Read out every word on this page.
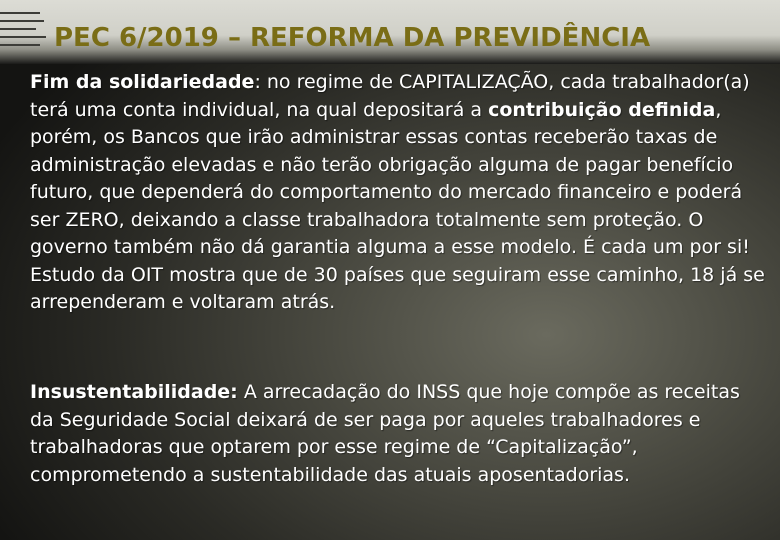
PEC 6/2019 – REFORMA DA PREVIDÊNCIA

Fim da solidariedade: no regime de CAPITALIZAÇÃO, cada trabalhador(a) terá uma conta individual, na qual depositará a contribuição definida, porém, os Bancos que irão administrar essas contas receberão taxas de administração elevadas e não terão obrigação alguma de pagar benefício futuro, que dependerá do comportamento do mercado financeiro e poderá ser ZERO, deixando a classe trabalhadora totalmente sem proteção. O governo também não dá garantia alguma a esse modelo. É cada um por si! Estudo da OIT mostra que de 30 países que seguiram esse caminho, 18 já se arrependeram e voltaram atrás.

Insustentabilidade: A arrecadação do INSS que hoje compõe as receitas da Seguridade Social deixará de ser paga por aqueles trabalhadores e trabalhadoras que optarem por esse regime de “Capitalização”, comprometendo a sustentabilidade das atuais aposentadorias.
